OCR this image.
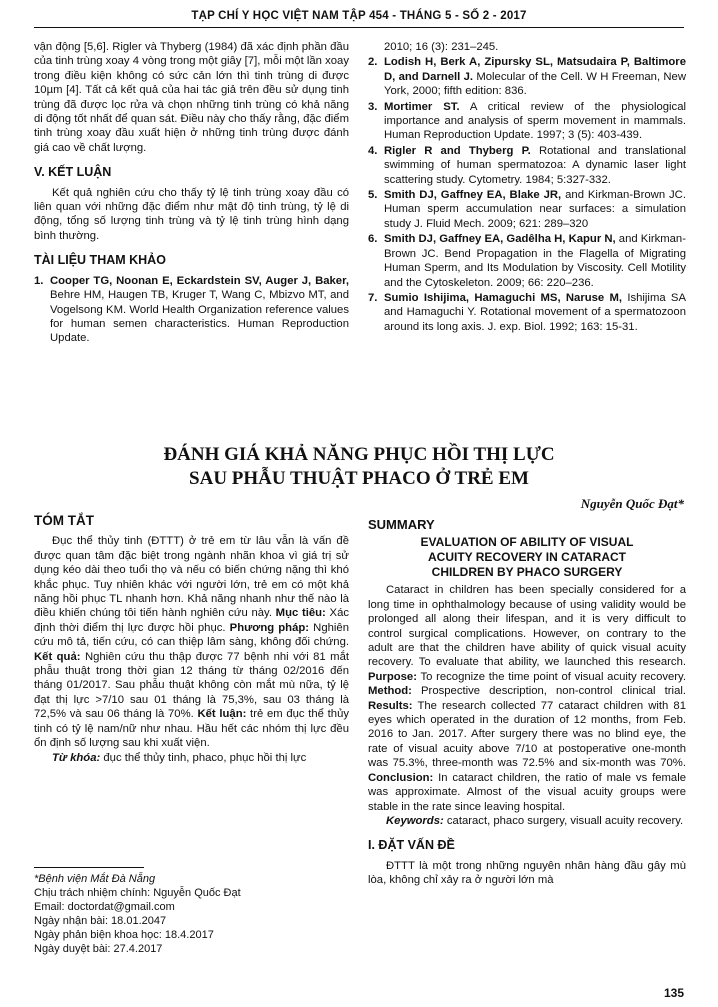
TẠP CHÍ Y HỌC VIỆT NAM TẬP 454 - THÁNG 5 - SỐ 2 - 2017

vận động [5,6]. Rigler và Thyberg (1984) đã xác định phần đầu của tinh trùng xoay 4 vòng trong một giây [7], mỗi một lần xoay trong điều kiện không có sức cản lớn thì tinh trùng di được 10µm [4]. Tất cả kết quả của hai tác giả trên đều sử dụng tinh trùng đã được lọc rửa và chọn những tinh trùng có khả năng di động tốt nhất để quan sát. Điều này cho thấy rằng, đặc điểm tinh trùng xoay đầu xuất hiện ở những tinh trùng được đánh giá cao về chất lượng.

V. KẾT LUẬN

Kết quả nghiên cứu cho thấy tỷ lệ tinh trùng xoay đầu có liên quan với những đặc điểm như mật độ tinh trùng, tỷ lệ di động, tổng số lượng tinh trùng và tỷ lệ tinh trùng hình dạng bình thường.

TÀI LIỆU THAM KHẢO
1. Cooper TG, Noonan E, Eckardstein SV, Auger J, Baker, Behre HM, Haugen TB, Kruger T, Wang C, Mbizvo MT, and Vogelsong KM. World Health Organization reference values for human semen characteristics. Human Reproduction Update.
2010; 16 (3): 231–245.
2. Lodish H, Berk A, Zipursky SL, Matsudaira P, Baltimore D, and Darnell J. Molecular of the Cell. W H Freeman, New York, 2000; fifth edition: 836.
3. Mortimer ST. A critical review of the physiological importance and analysis of sperm movement in mammals. Human Reproduction Update. 1997; 3 (5): 403-439.
4. Rigler R and Thyberg P. Rotational and translational swimming of human spermatozoa: A dynamic laser light scattering study. Cytometry. 1984; 5:327-332.
5. Smith DJ, Gaffney EA, Blake JR, and Kirkman-Brown JC. Human sperm accumulation near surfaces: a simulation study J. Fluid Mech. 2009; 621: 289–320
6. Smith DJ, Gaffney EA, Gadêlha H, Kapur N, and Kirkman-Brown JC. Bend Propagation in the Flagella of Migrating Human Sperm, and Its Modulation by Viscosity. Cell Motility and the Cytoskeleton. 2009; 66: 220–236.
7. Sumio Ishijima, Hamaguchi MS, Naruse M, Ishijima SA and Hamaguchi Y. Rotational movement of a spermatozoon around its long axis. J. exp. Biol. 1992; 163: 15-31.
ĐÁNH GIÁ KHẢ NĂNG PHỤC HỒI THỊ LỰC
SAU PHẪU THUẬT PHACO Ở TRẺ EM
Nguyễn Quốc Đạt*
TÓM TẮT

Đục thể thủy tinh (ĐTTT) ở trẻ em từ lâu vẫn là vấn đề được quan tâm đặc biệt trong ngành nhãn khoa vì giá trị sử dụng kéo dài theo tuổi thọ và nếu có biến chứng nặng thì khó khắc phục. Tuy nhiên khác với người lớn, trẻ em có một khả năng hồi phục TL nhanh hơn. Khả năng nhanh như thế nào là điều khiến chúng tôi tiến hành nghiên cứu này. Mục tiêu: Xác định thời điểm thị lực được hồi phục. Phương pháp: Nghiên cứu mô tả, tiến cứu, có can thiệp lâm sàng, không đối chứng. Kết quả: Nghiên cứu thu thập được 77 bệnh nhi với 81 mắt phẫu thuật trong thời gian 12 tháng từ tháng 02/2016 đến tháng 01/2017. Sau phẫu thuật không còn mắt mù nữa, tỷ lệ đạt thị lực >7/10 sau 01 tháng là 75,3%, sau 03 tháng là 72,5% và sau 06 tháng là 70%. Kết luận: trẻ em đục thể thủy tinh có tỷ lệ nam/nữ như nhau. Hầu hết các nhóm thị lực đều ổn định số lượng sau khi xuất viện.

Từ khóa: đục thể thủy tinh, phaco, phục hồi thị lực

*Bệnh viện Mắt Đà Nẵng
Chịu trách nhiệm chính: Nguyễn Quốc Đạt
Email: doctordat@gmail.com
Ngày nhận bài: 18.01.2047
Ngày phản biện khoa học: 18.4.2017
Ngày duyệt bài: 27.4.2017
SUMMARY
EVALUATION OF ABILITY OF VISUAL
ACUITY RECOVERY IN CATARACT
CHILDREN BY PHACO SURGERY

Cataract in children has been specially considered for a long time in ophthalmology because of using validity would be prolonged all along their lifespan, and it is very difficult to control surgical complications. However, on contrary to the adult are that the children have ability of quick visual acuity recovery. To evaluate that ability, we launched this research. Purpose: To recognize the time point of visual acuity recovery. Method: Prospective description, non-control clinical trial. Results: The research collected 77 cataract children with 81 eyes which operated in the duration of 12 months, from Feb. 2016 to Jan. 2017. After surgery there was no blind eye, the rate of visual acuity above 7/10 at postoperative one-month was 75.3%, three-month was 72.5% and six-month was 70%. Conclusion: In cataract children, the ratio of male vs female was approximate. Almost of the visual acuity groups were stable in the rate since leaving hospital.

Keywords: cataract, phaco surgery, visuall acuity recovery.

I. ĐẶT VẤN ĐỀ

ĐTTT là một trong những nguyên nhân hàng đầu gây mù lòa, không chỉ xảy ra ở người lớn mà

135
